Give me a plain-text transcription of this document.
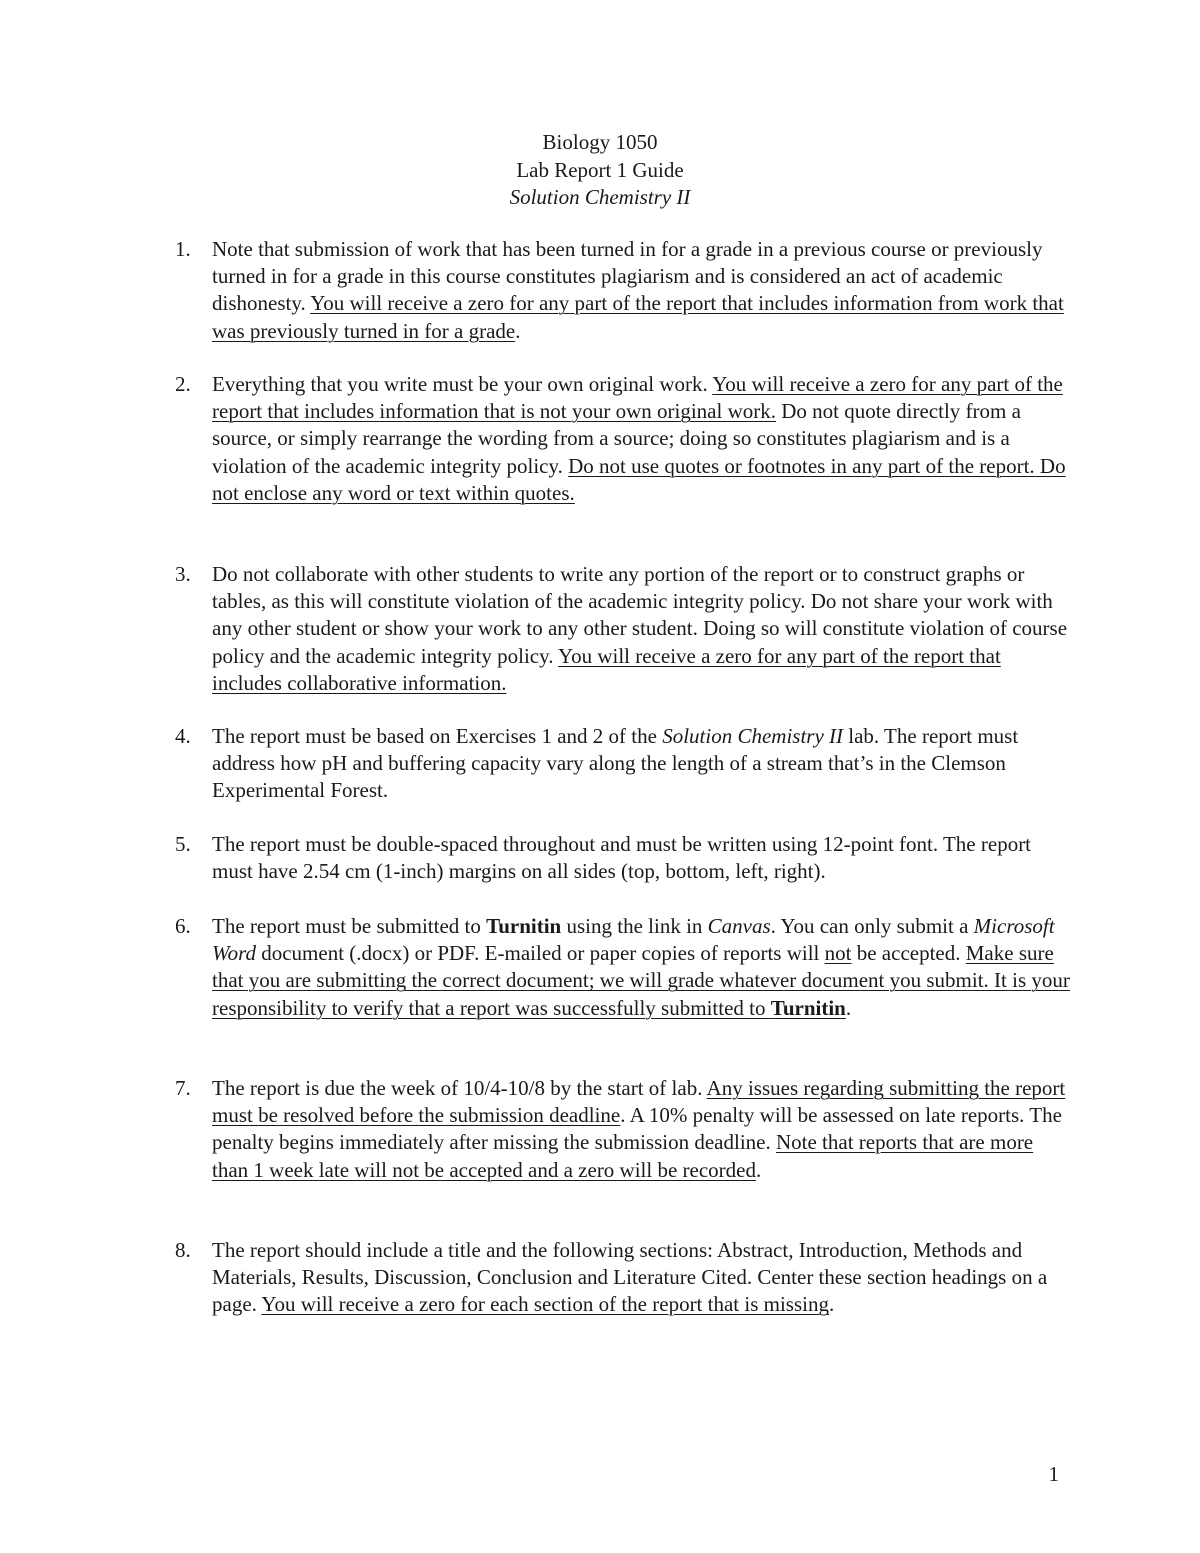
Biology 1050
Lab Report 1 Guide
Solution Chemistry II
1.	Note that submission of work that has been turned in for a grade in a previous course or previously turned in for a grade in this course constitutes plagiarism and is considered an act of academic dishonesty. You will receive a zero for any part of the report that includes information from work that was previously turned in for a grade.
2.	Everything that you write must be your own original work. You will receive a zero for any part of the report that includes information that is not your own original work. Do not quote directly from a source, or simply rearrange the wording from a source; doing so constitutes plagiarism and is a violation of the academic integrity policy. Do not use quotes or footnotes in any part of the report. Do not enclose any word or text within quotes.
3.	Do not collaborate with other students to write any portion of the report or to construct graphs or tables, as this will constitute violation of the academic integrity policy. Do not share your work with any other student or show your work to any other student. Doing so will constitute violation of course policy and the academic integrity policy. You will receive a zero for any part of the report that includes collaborative information.
4.	The report must be based on Exercises 1 and 2 of the Solution Chemistry II lab. The report must address how pH and buffering capacity vary along the length of a stream that’s in the Clemson Experimental Forest.
5.	The report must be double-spaced throughout and must be written using 12-point font. The report must have 2.54 cm (1-inch) margins on all sides (top, bottom, left, right).
6.	The report must be submitted to Turnitin using the link in Canvas. You can only submit a Microsoft Word document (.docx) or PDF. E-mailed or paper copies of reports will not be accepted. Make sure that you are submitting the correct document; we will grade whatever document you submit. It is your responsibility to verify that a report was successfully submitted to Turnitin.
7.	The report is due the week of 10/4-10/8 by the start of lab. Any issues regarding submitting the report must be resolved before the submission deadline. A 10% penalty will be assessed on late reports. The penalty begins immediately after missing the submission deadline. Note that reports that are more than 1 week late will not be accepted and a zero will be recorded.
8.	The report should include a title and the following sections: Abstract, Introduction, Methods and Materials, Results, Discussion, Conclusion and Literature Cited. Center these section headings on a page. You will receive a zero for each section of the report that is missing.
1
